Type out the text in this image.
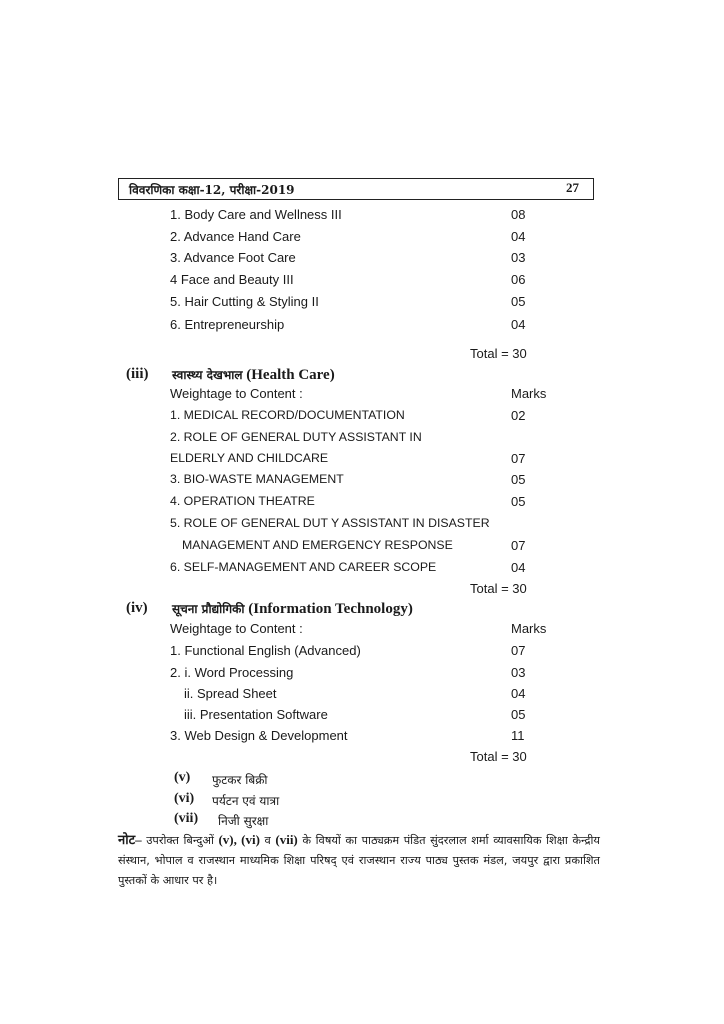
विवरणिका कक्षा-12, परीक्षा-2019	27
1. Body Care and Wellness III	08
2. Advance Hand Care	04
3. Advance Foot Care	03
4 Face and Beauty III	06
5. Hair Cutting & Styling II	05
6. Entrepreneurship	04
Total = 30
(iii) स्वास्थ्य देखभाल (Health Care)
Weightage to Content :	Marks
1. MEDICAL RECORD/DOCUMENTATION	02
2. ROLE OF GENERAL DUTY ASSISTANT IN
ELDERLY AND CHILDCARE	07
3. BIO-WASTE MANAGEMENT	05
4. OPERATION THEATRE	05
5. ROLE OF GENERAL DUT Y ASSISTANT IN DISASTER
MANAGEMENT AND EMERGENCY RESPONSE	07
6. SELF-MANAGEMENT AND CAREER SCOPE	04
Total = 30
(iv) सूचना प्रौद्योगिकी (Information Technology)
Weightage to Content :	Marks
1. Functional English (Advanced)	07
2. i. Word Processing	03
ii. Spread Sheet	04
iii. Presentation Software	05
3. Web Design & Development	11
Total = 30
(v) फुटकर बिक्री
(vi) पर्यटन एवं यात्रा
(vii) निजी सुरक्षा
नोट– उपरोक्त बिन्दुओं (v), (vi) व (vii) के विषयों का पाठ्यक्रम पंडित सुंदरलाल शर्मा व्यावसायिक शिक्षा केन्द्रीय संस्थान, भोपाल व राजस्थान माध्यमिक शिक्षा परिषद् एवं राजस्थान राज्य पाठ्य पुस्तक मंडल, जयपुर द्वारा प्रकाशित पुस्तकों के आधार पर है।
